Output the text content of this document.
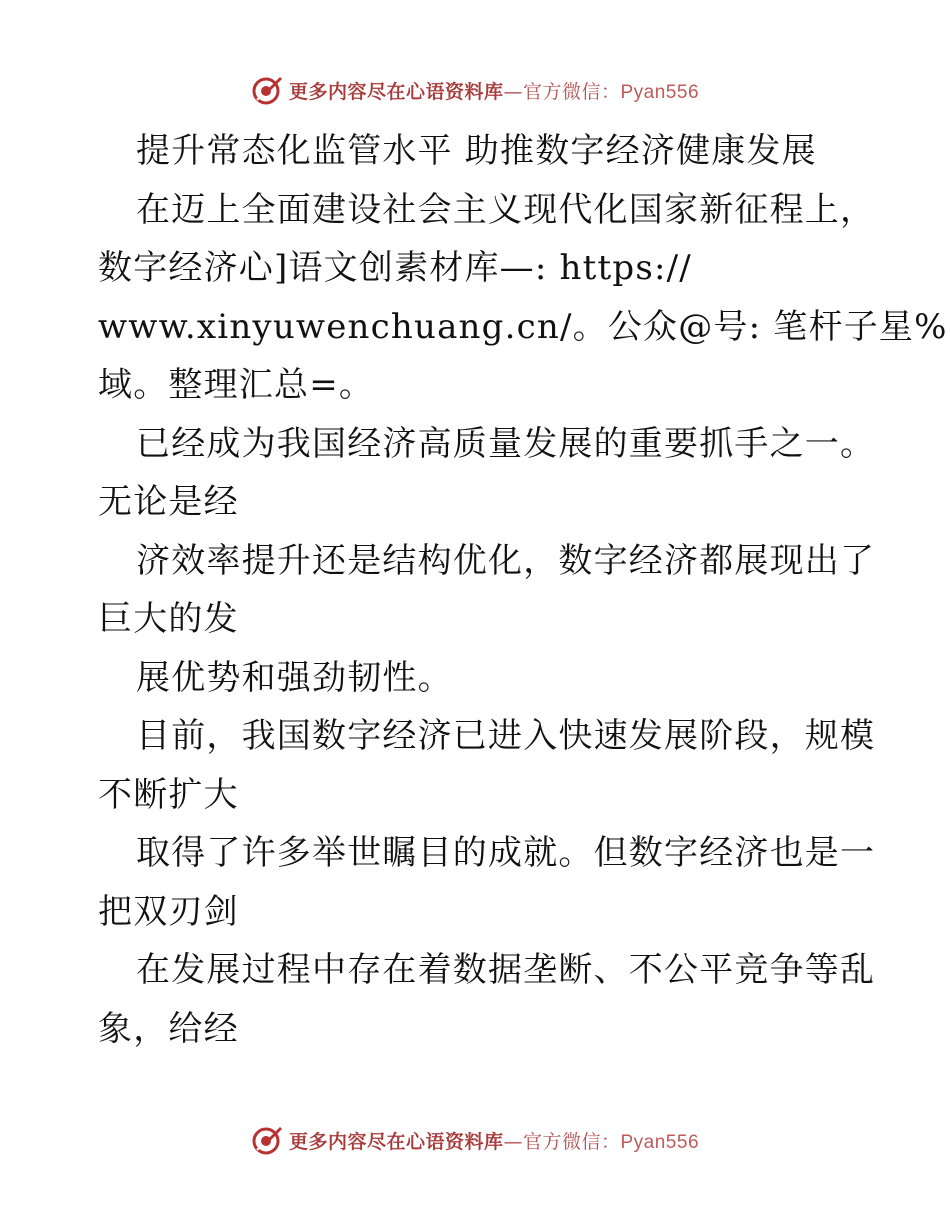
更多内容尽在心语资料库—官方微信：Pyan556
提升常态化监管水平 助推数字经济健康发展
在迈上全面建设社会主义现代化国家新征程上，
数字经济心]语文创素材库—: https://
www.xinyuwenchuang.cn/。公众@号: 笔杆子星%
域。整理汇总=。
已经成为我国经济高质量发展的重要抓手之一。
无论是经
济效率提升还是结构优化，数字经济都展现出了
巨大的发
展优势和强劲韧性。
目前，我国数字经济已进入快速发展阶段，规模
不断扩大
取得了许多举世瞩目的成就。但数字经济也是一
把双刃剑
在发展过程中存在着数据垄断、不公平竞争等乱
象，给经
更多内容尽在心语资料库—官方微信：Pyan556
